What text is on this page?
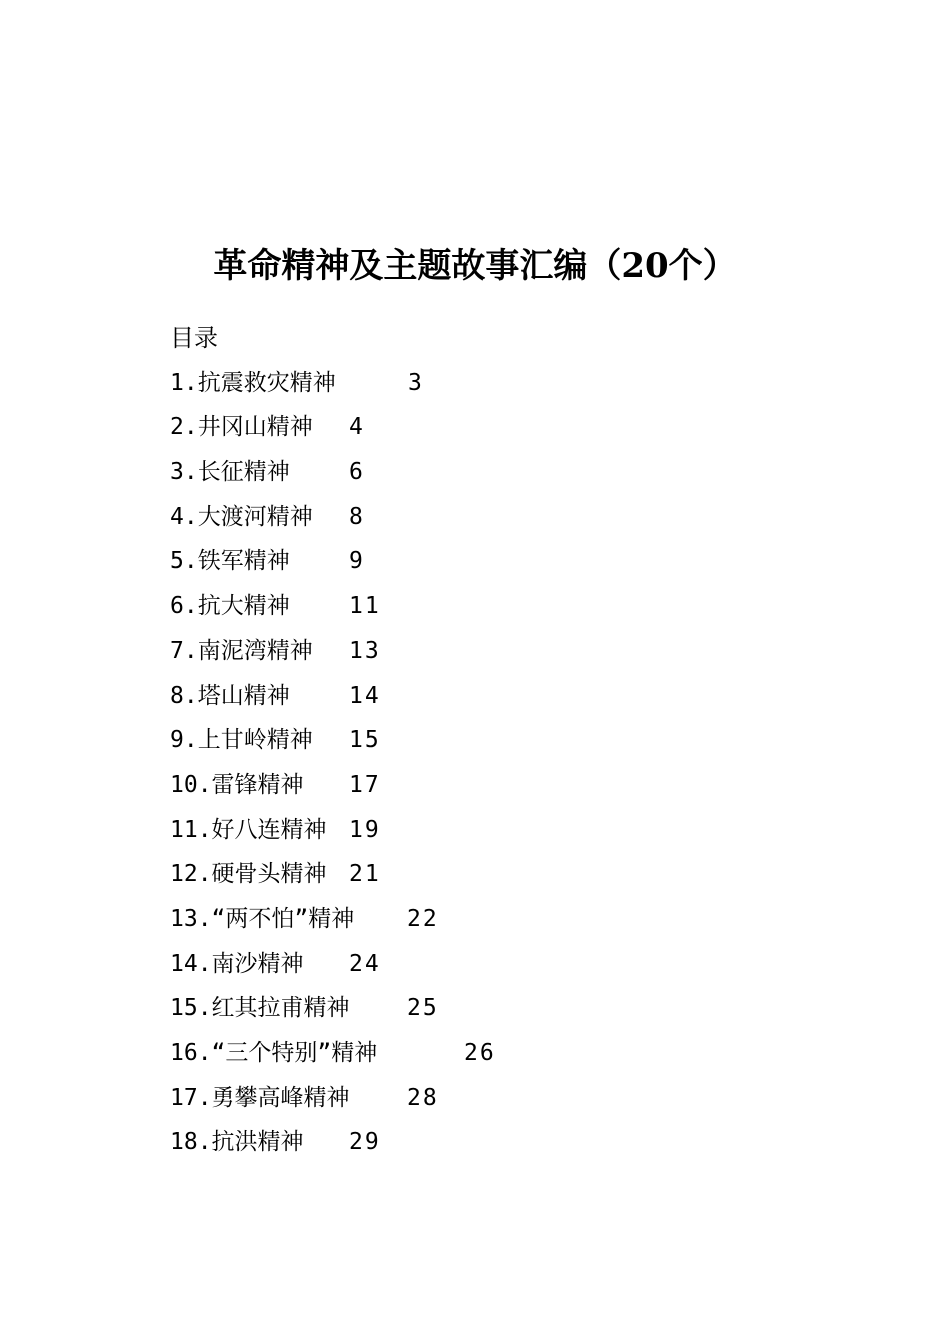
革命精神及主题故事汇编（20个）
目录
1.抗震救灾精神	3
2.井冈山精神 4
3.长征精神	6
4.大渡河精神 8
5.铁军精神	9
6.抗大精神	11
7.南泥湾精神 13
8.塔山精神	14
9.上甘岭精神 15
10.雷锋精神 17
11.好八连精神 19
12.硬骨头精神 21
13.“两不怕”精神 22
14.南沙精神 24
15.红其拉甫精神 25
16.“三个特别”精神	26
17.勇攀高峰精神 28
18.抗洪精神 29
